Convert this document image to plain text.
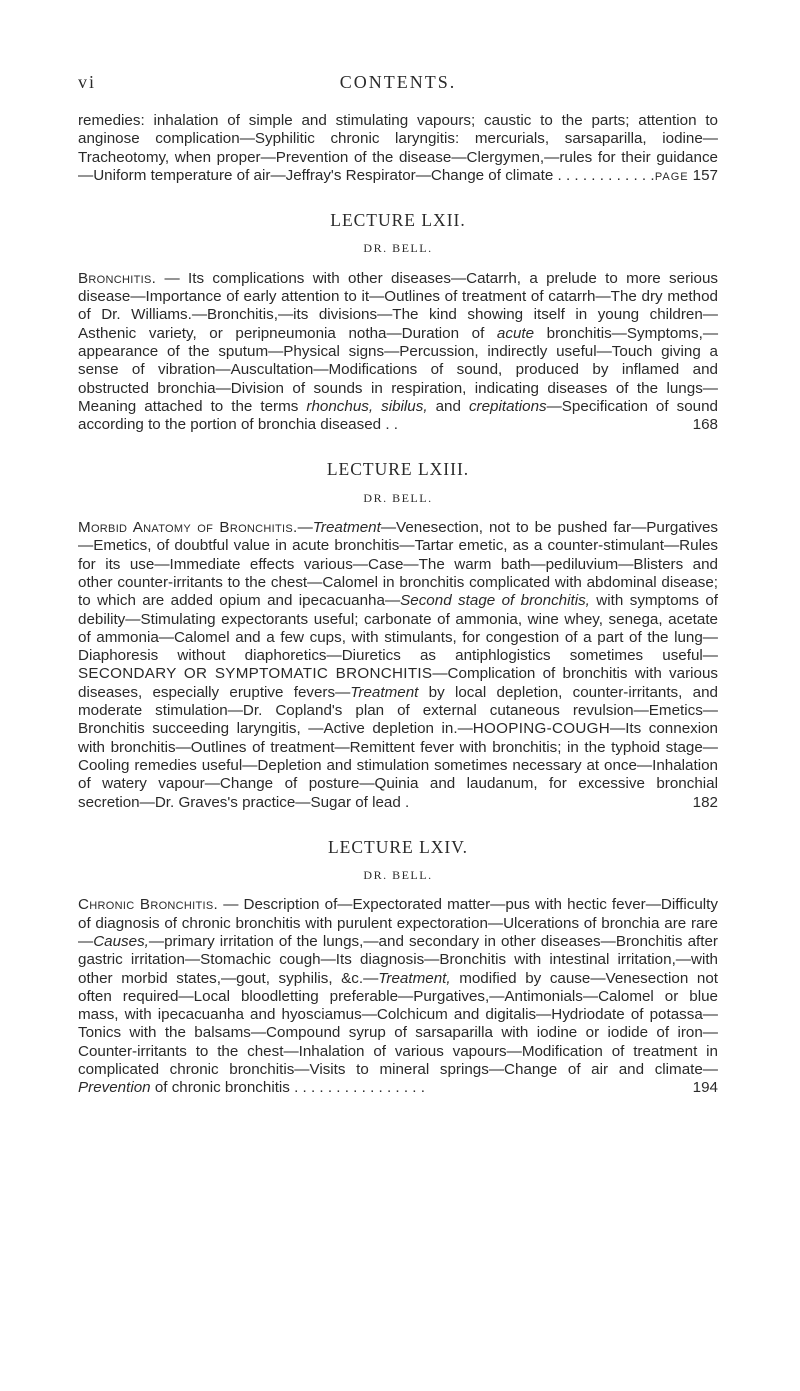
vi	CONTENTS.

remedies: inhalation of simple and stimulating vapours; caustic to the parts; attention to anginose complication—Syphilitic chronic laryngitis: mercurials, sarsaparilla, iodine—Tracheotomy, when proper—Prevention of the disease—Clergymen,—rules for their guidance—Uniform temperature of air—Jeffray's Respirator—Change of climate . . . . . . . . . . . . PAGE 157

LECTURE LXII.
DR. BELL.

Bronchitis. — Its complications with other diseases—Catarrh, a prelude to more serious disease—Importance of early attention to it—Outlines of treatment of catarrh—The dry method of Dr. Williams.—Bronchitis,—its divisions—The kind showing itself in young children—Asthenic variety, or peripneumonia notha—Duration of acute bronchitis—Symptoms,—appearance of the sputum—Physical signs—Percussion, indirectly useful—Touch giving a sense of vibration—Auscultation—Modifications of sound, produced by inflamed and obstructed bronchia—Division of sounds in respiration, indicating diseases of the lungs—Meaning attached to the terms rhonchus, sibilus, and crepitations—Specification of sound according to the portion of bronchia diseased . .	168

LECTURE LXIII.
DR. BELL.

Morbid Anatomy of Bronchitis.—Treatment—Venesection, not to be pushed far—Purgatives—Emetics, of doubtful value in acute bronchitis—Tartar emetic, as a counter-stimulant—Rules for its use—Immediate effects various—Case—The warm bath—pediluvium—Blisters and other counter-irritants to the chest—Calomel in bronchitis complicated with abdominal disease; to which are added opium and ipecacuanha—Second stage of bronchitis, with symptoms of debility—Stimulating expectorants useful; carbonate of ammonia, wine whey, senega, acetate of ammonia—Calomel and a few cups, with stimulants, for congestion of a part of the lung—Diaphoresis without diaphoretics—Diuretics as antiphlogistics sometimes useful—SECONDARY OR SYMPTOMATIC BRONCHITIS—Complication of bronchitis with various diseases, especially eruptive fevers—Treatment by local depletion, counter-irritants, and moderate stimulation—Dr. Copland's plan of external cutaneous revulsion—Emetics—Bronchitis succeeding laryngitis, —Active depletion in.—HOOPING-COUGH—Its connexion with bronchitis—Outlines of treatment—Remittent fever with bronchitis; in the typhoid stage—Cooling remedies useful—Depletion and stimulation sometimes necessary at once—Inhalation of watery vapour—Change of posture—Quinia and laudanum, for excessive bronchial secretion—Dr. Graves's practice—Sugar of lead .	182

LECTURE LXIV.
DR. BELL.

Chronic Bronchitis. — Description of—Expectorated matter—pus with hectic fever—Difficulty of diagnosis of chronic bronchitis with purulent expectoration—Ulcerations of bronchia are rare—Causes,—primary irritation of the lungs,—and secondary in other diseases—Bronchitis after gastric irritation—Stomachic cough—Its diagnosis—Bronchitis with intestinal irritation,—with other morbid states,—gout, syphilis, &c.—Treatment, modified by cause—Venesection not often required—Local bloodletting preferable—Purgatives,—Antimonials—Calomel or blue mass, with ipecacuanha and hyosciamus—Colchicum and digitalis—Hydriodate of potassa—Tonics with the balsams—Compound syrup of sarsaparilla with iodine or iodide of iron—Counter-irritants to the chest—Inhalation of various vapours—Modification of treatment in complicated chronic bronchitis—Visits to mineral springs—Change of air and climate—Prevention of chronic bronchitis . . . . . . . . . . . . . . . .	194
